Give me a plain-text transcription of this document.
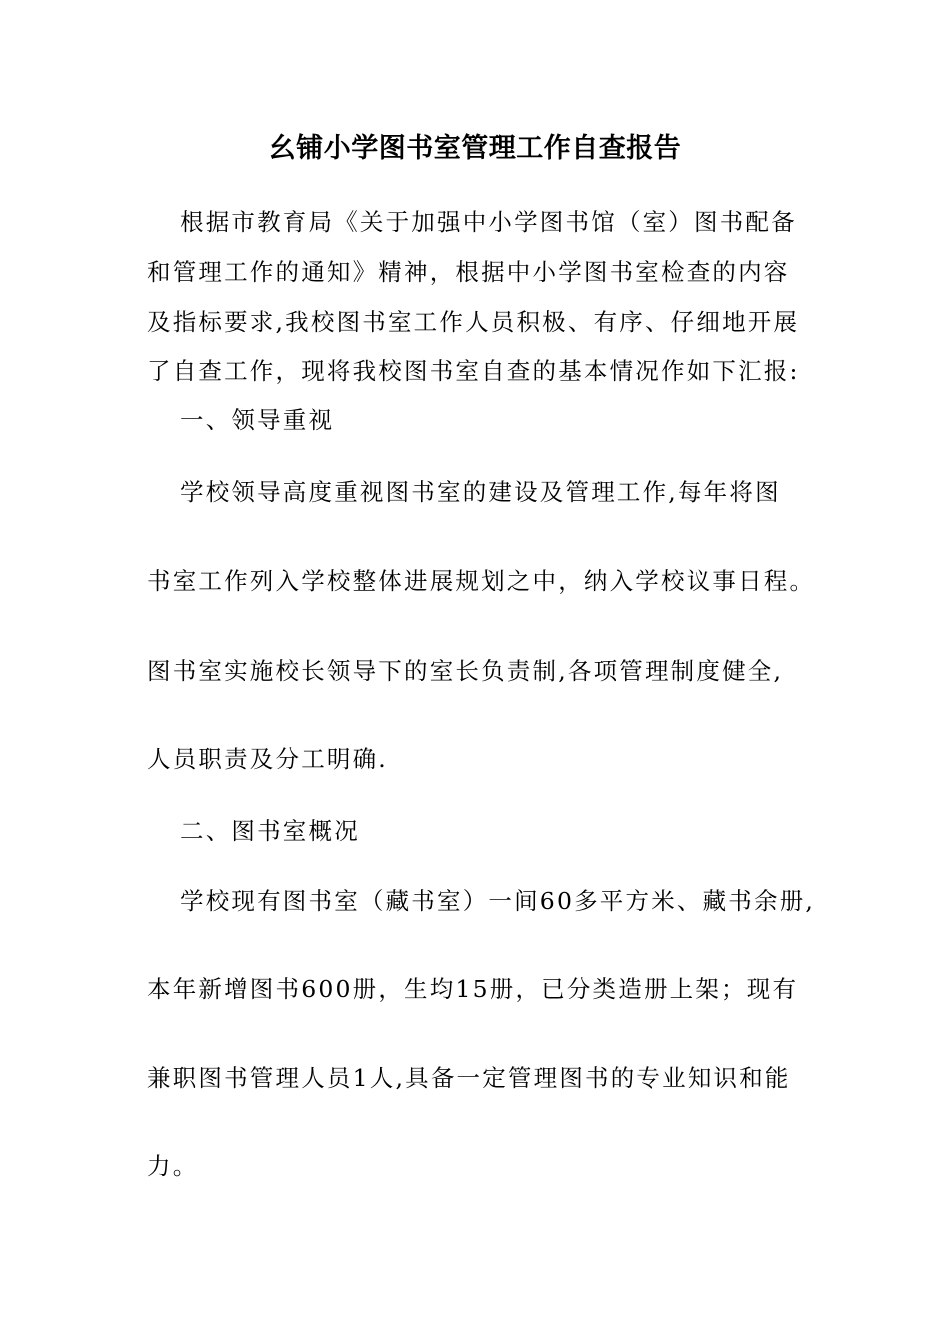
幺铺小学图书室管理工作自查报告

根据市教育局《关于加强中小学图书馆（室）图书配备

和管理工作的通知》精神，根据中小学图书室检查的内容

及指标要求,我校图书室工作人员积极、有序、仔细地开展

了自查工作，现将我校图书室自查的基本情况作如下汇报:

一、领导重视

学校领导高度重视图书室的建设及管理工作,每年将图

书室工作列入学校整体进展规划之中，纳入学校议事日程。

图书室实施校长领导下的室长负责制,各项管理制度健全,

人员职责及分工明确.

二、图书室概况

学校现有图书室（藏书室）一间60多平方米、藏书余册,

本年新增图书600册，生均15册，已分类造册上架；现有

兼职图书管理人员1人,具备一定管理图书的专业知识和能

力。
